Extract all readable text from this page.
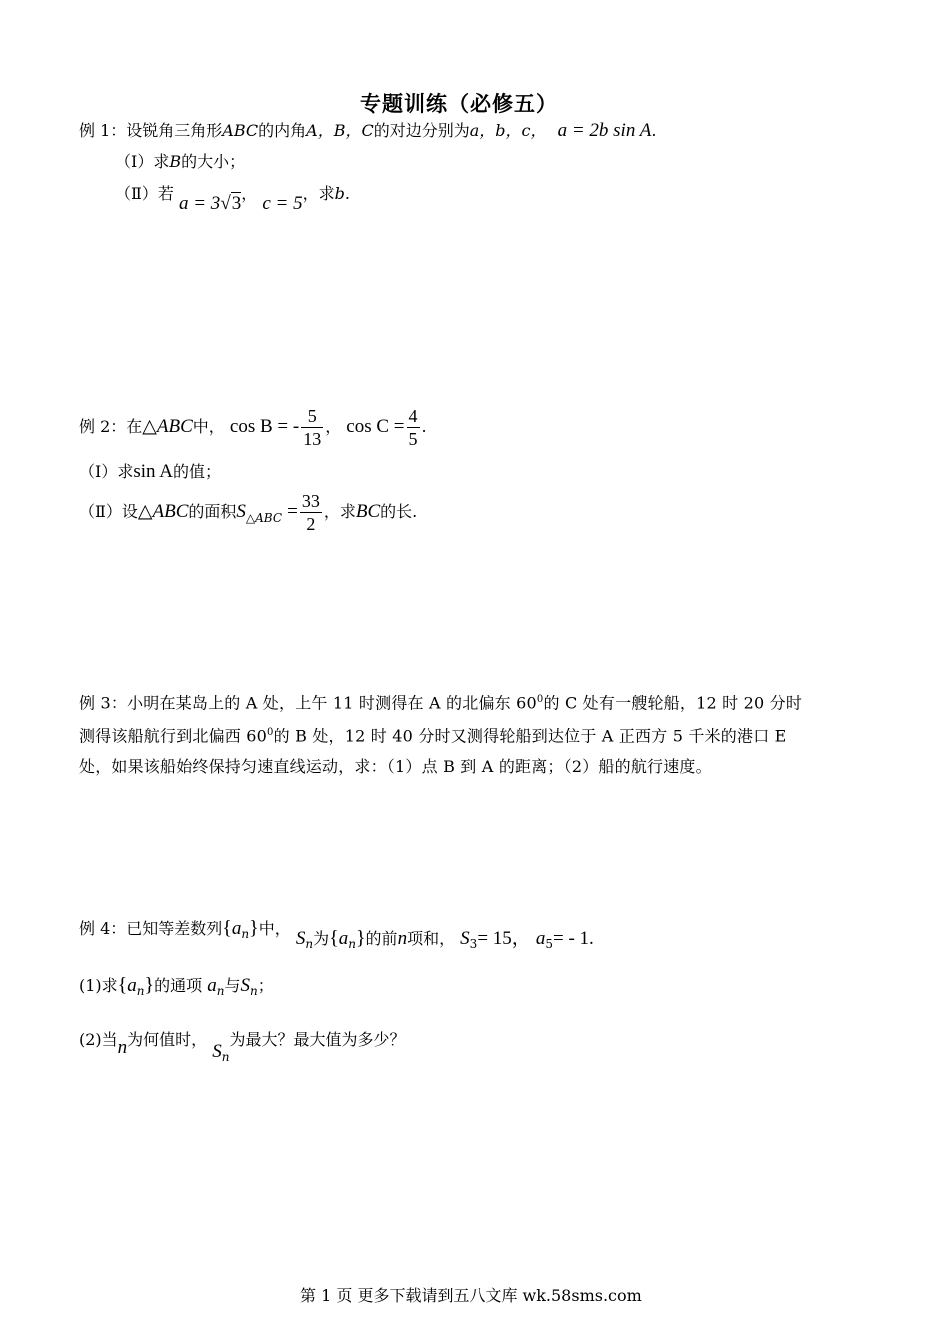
专题训练（必修五）
例 1：设锐角三角形ABC的内角A，B，C的对边分别为a，b，c， a = 2b sin A.
（Ⅰ）求B的大小；
（Ⅱ）若 a = 3√3， c = 5，求b.
例 2：在△ABC中， cos B = - $\frac{5}{13}$ ， $\cos C = \frac{4}{5}$ .
（Ⅰ）求sin A的值；
（Ⅱ）设△ABC的面积$S_{\triangle ABC} = \frac{33}{2}$ ，求BC的长.
例 3：小明在某岛上的 A 处，上午 11 时测得在 A 的北偏东 $60^0$的 C 处有一艘轮船，12 时 20 分时
测得该船航行到北偏西 $60^0$的 B 处，12 时 40 分时又测得轮船到达位于 A 正西方 5 千米的港口 E
处，如果该船始终保持匀速直线运动，求：（1）点 B 到 A 的距离；（2）船的航行速度。
例 4：已知等差数列$\{a_n\}$中， $S_n$为$\{a_n\}$的前n项和， $S_3= 15$， $a_5= - 1$.
(1)求$\{a_n\}$的通项 $a_n$与$S_n$；
(2)当n为何值时， $S_n$为最大？最大值为多少？
第 1 页 更多下载请到五八文库 wk.58sms.com
